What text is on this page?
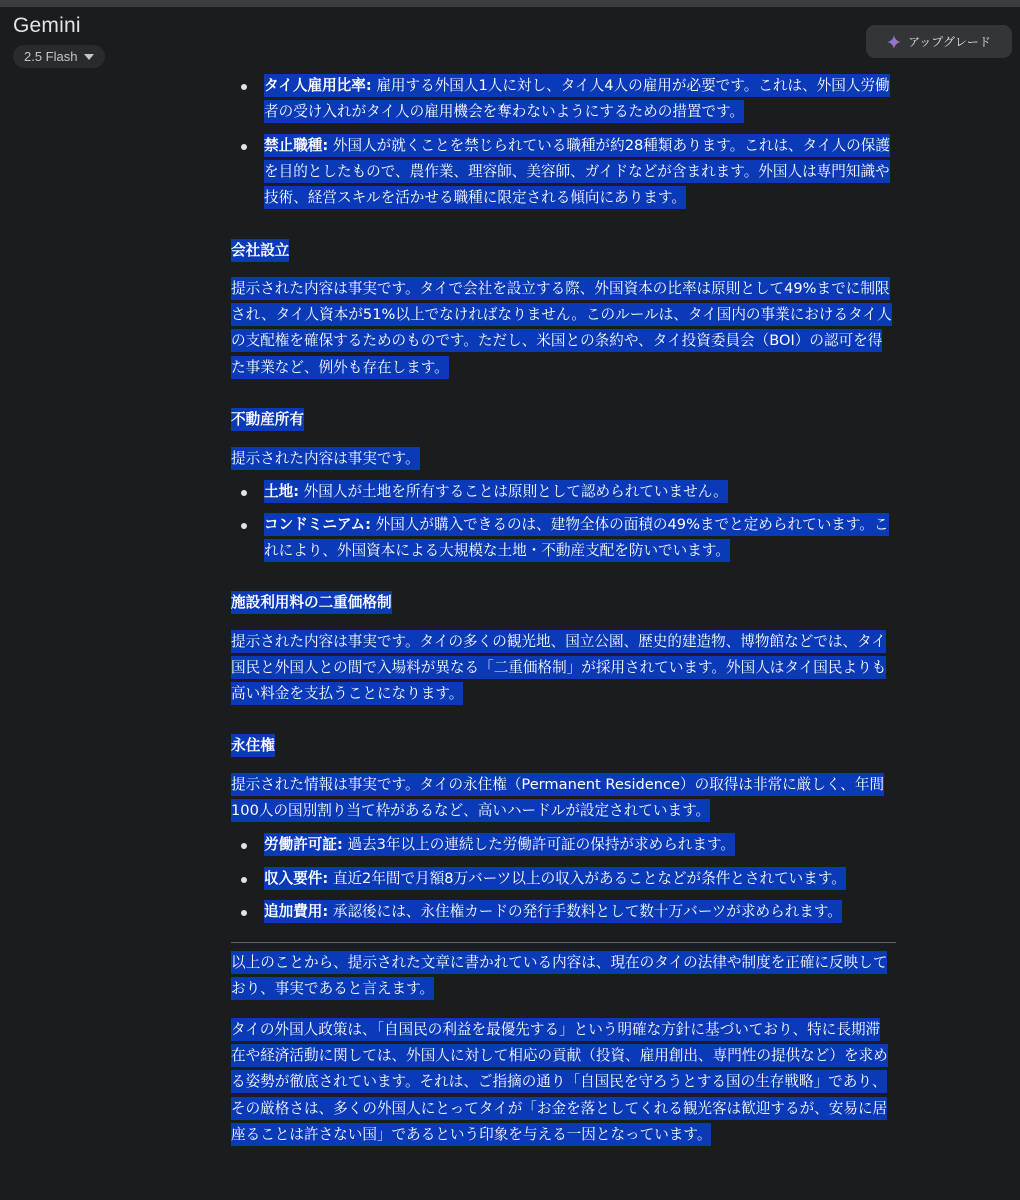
Gemini
2.5 Flash
アップグレード
タイ人雇用比率: 雇用する外国人1人に対し、タイ人4人の雇用が必要です。これは、外国人労働者の受け入れがタイ人の雇用機会を奪わないようにするための措置です。
禁止職種: 外国人が就くことを禁じられている職種が約28種類あります。これは、タイ人の保護を目的としたもので、農作業、理容師、美容師、ガイドなどが含まれます。外国人は専門知識や技術、経営スキルを活かせる職種に限定される傾向にあります。
会社設立
提示された内容は事実です。タイで会社を設立する際、外国資本の比率は原則として49%までに制限され、タイ人資本が51%以上でなければなりません。このルールは、タイ国内の事業におけるタイ人の支配権を確保するためのものです。ただし、米国との条約や、タイ投資委員会（BOI）の認可を得た事業など、例外も存在します。
不動産所有
提示された内容は事実です。
土地: 外国人が土地を所有することは原則として認められていません。
コンドミニアム: 外国人が購入できるのは、建物全体の面積の49%までと定められています。これにより、外国資本による大規模な土地・不動産支配を防いでいます。
施設利用料の二重価格制
提示された内容は事実です。タイの多くの観光地、国立公園、歴史的建造物、博物館などでは、タイ国民と外国人との間で入場料が異なる「二重価格制」が採用されています。外国人はタイ国民よりも高い料金を支払うことになります。
永住権
提示された情報は事実です。タイの永住権（Permanent Residence）の取得は非常に厳しく、年間100人の国別割り当て枠があるなど、高いハードルが設定されています。
労働許可証: 過去3年以上の連続した労働許可証の保持が求められます。
収入要件: 直近2年間で月額8万バーツ以上の収入があることなどが条件とされています。
追加費用: 承認後には、永住権カードの発行手数料として数十万バーツが求められます。
以上のことから、提示された文章に書かれている内容は、現在のタイの法律や制度を正確に反映しており、事実であると言えます。
タイの外国人政策は、「自国民の利益を最優先する」という明確な方針に基づいており、特に長期滞在や経済活動に関しては、外国人に対して相応の貢献（投資、雇用創出、専門性の提供など）を求める姿勢が徹底されています。それは、ご指摘の通り「自国民を守ろうとする国の生存戦略」であり、その厳格さは、多くの外国人にとってタイが「お金を落としてくれる観光客は歓迎するが、安易に居座ることは許さない国」であるという印象を与える一因となっています。
